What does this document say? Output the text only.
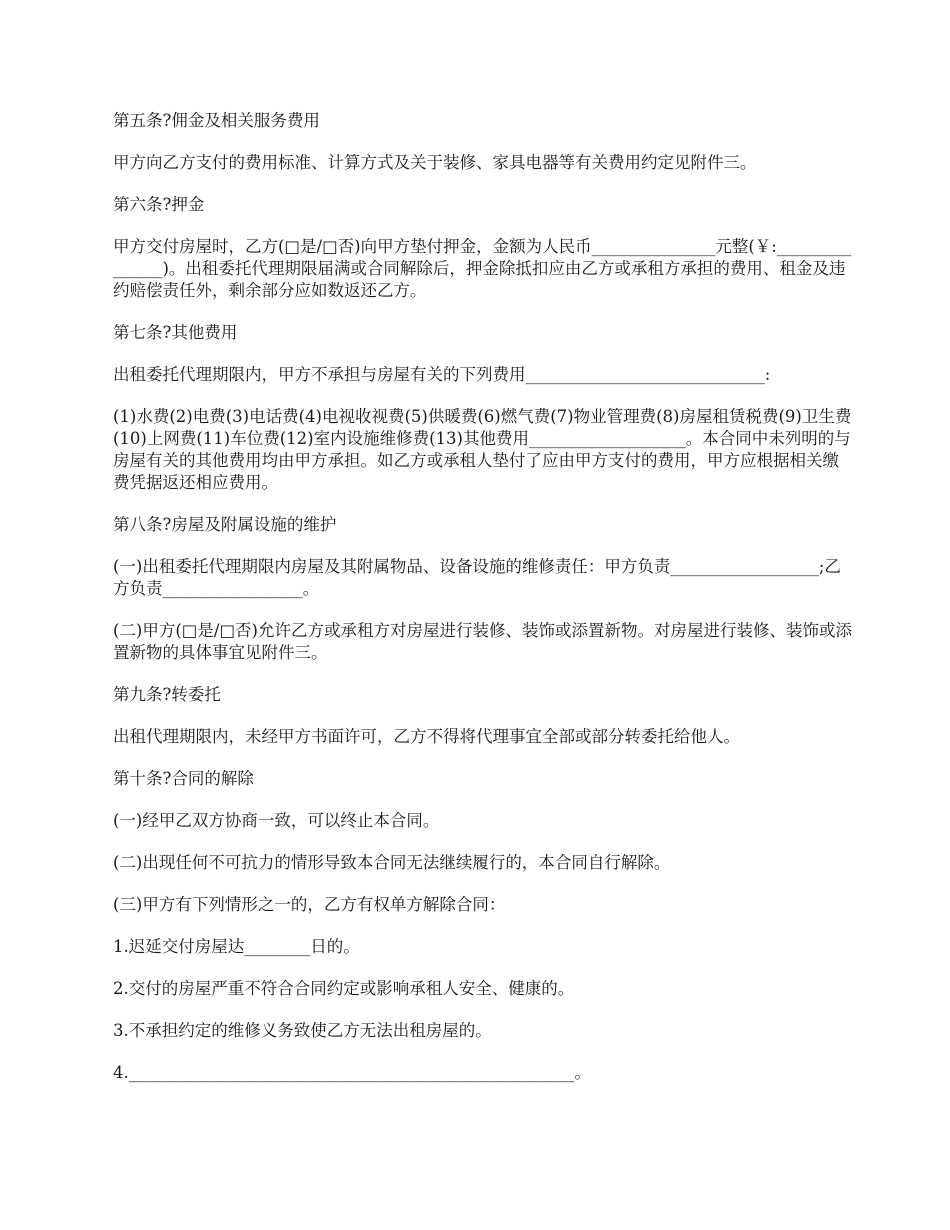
第五条?佣金及相关服务费用

甲方向乙方支付的费用标准、计算方式及关于装修、家具电器等有关费用约定见附件三。

第六条?押金

甲方交付房屋时，乙方(□是/□否)向甲方垫付押金，金额为人民币_______________元整(￥:_______________)。出租委托代理期限届满或合同解除后，押金除抵扣应由乙方或承租方承担的费用、租金及违约赔偿责任外，剩余部分应如数返还乙方。

第七条?其他费用

出租委托代理期限内，甲方不承担与房屋有关的下列费用_____________________________:

(1)水费(2)电费(3)电话费(4)电视收视费(5)供暖费(6)燃气费(7)物业管理费(8)房屋租赁税费(9)卫生费(10)上网费(11)车位费(12)室内设施维修费(13)其他费用___________________。本合同中未列明的与房屋有关的其他费用均由甲方承担。如乙方或承租人垫付了应由甲方支付的费用，甲方应根据相关缴费凭据返还相应费用。

第八条?房屋及附属设施的维护

(一)出租委托代理期限内房屋及其附属物品、设备设施的维修责任：甲方负责__________________;乙方负责_________________。

(二)甲方(□是/□否)允许乙方或承租方对房屋进行装修、装饰或添置新物。对房屋进行装修、装饰或添置新物的具体事宜见附件三。

第九条?转委托

出租代理期限内，未经甲方书面许可，乙方不得将代理事宜全部或部分转委托给他人。

第十条?合同的解除

(一)经甲乙双方协商一致，可以终止本合同。

(二)出现任何不可抗力的情形导致本合同无法继续履行的，本合同自行解除。

(三)甲方有下列情形之一的，乙方有权单方解除合同：

1.迟延交付房屋达________日的。

2.交付的房屋严重不符合合同约定或影响承租人安全、健康的。

3.不承担约定的维修义务致使乙方无法出租房屋的。

4.______________________________________________________。
